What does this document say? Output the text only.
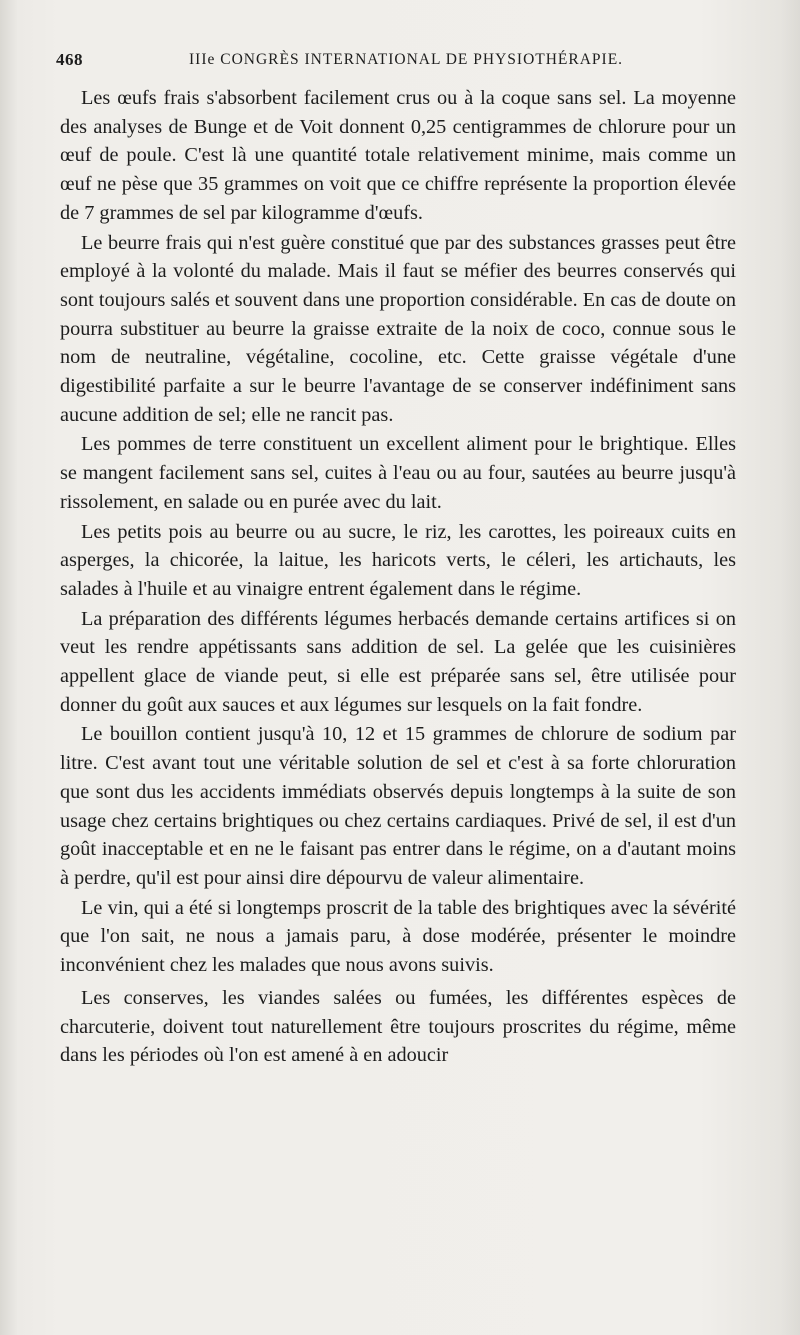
468	IIIe CONGRÈS INTERNATIONAL DE PHYSIOTHÉRAPIE.

Les œufs frais s'absorbent facilement crus ou à la coque sans sel. La moyenne des analyses de Bunge et de Voit donnent 0,25 centigrammes de chlorure pour un œuf de poule. C'est là une quantité totale relativement minime, mais comme un œuf ne pèse que 35 grammes on voit que ce chiffre représente la proportion élevée de 7 grammes de sel par kilogramme d'œufs.

Le beurre frais qui n'est guère constitué que par des substances grasses peut être employé à la volonté du malade. Mais il faut se méfier des beurres conservés qui sont toujours salés et souvent dans une proportion considérable. En cas de doute on pourra substituer au beurre la graisse extraite de la noix de coco, connue sous le nom de neutraline, végétaline, cocoline, etc. Cette graisse végétale d'une digestibilité parfaite a sur le beurre l'avantage de se conserver indéfiniment sans aucune addition de sel; elle ne rancit pas.

Les pommes de terre constituent un excellent aliment pour le brightique. Elles se mangent facilement sans sel, cuites à l'eau ou au four, sautées au beurre jusqu'à rissolement, en salade ou en purée avec du lait.

Les petits pois au beurre ou au sucre, le riz, les carottes, les poireaux cuits en asperges, la chicorée, la laitue, les haricots verts, le céleri, les artichauts, les salades à l'huile et au vinaigre entrent également dans le régime.

La préparation des différents légumes herbacés demande certains artifices si on veut les rendre appétissants sans addition de sel. La gelée que les cuisinières appellent glace de viande peut, si elle est préparée sans sel, être utilisée pour donner du goût aux sauces et aux légumes sur lesquels on la fait fondre.

Le bouillon contient jusqu'à 10, 12 et 15 grammes de chlorure de sodium par litre. C'est avant tout une véritable solution de sel et c'est à sa forte chloruration que sont dus les accidents immédiats observés depuis longtemps à la suite de son usage chez certains brightiques ou chez certains cardiaques. Privé de sel, il est d'un goût inacceptable et en ne le faisant pas entrer dans le régime, on a d'autant moins à perdre, qu'il est pour ainsi dire dépourvu de valeur alimentaire.

Le vin, qui a été si longtemps proscrit de la table des brightiques avec la sévérité que l'on sait, ne nous a jamais paru, à dose modérée, présenter le moindre inconvénient chez les malades que nous avons suivis.

Les conserves, les viandes salées ou fumées, les différentes espèces de charcuterie, doivent tout naturellement être toujours proscrites du régime, même dans les périodes où l'on est amené à en adoucir
